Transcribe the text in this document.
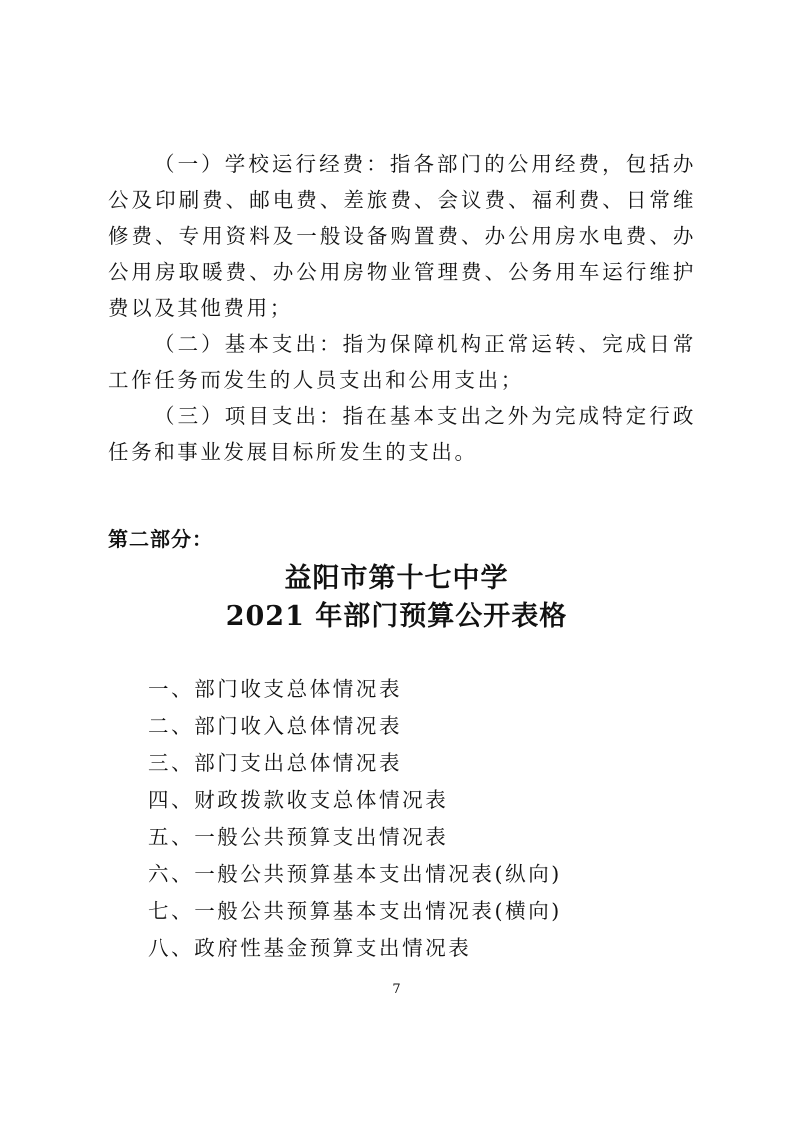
（一）学校运行经费：指各部门的公用经费，包括办公及印刷费、邮电费、差旅费、会议费、福利费、日常维修费、专用资料及一般设备购置费、办公用房水电费、办公用房取暖费、办公用房物业管理费、公务用车运行维护费以及其他费用；

（二）基本支出：指为保障机构正常运转、完成日常工作任务而发生的人员支出和公用支出；

（三）项目支出：指在基本支出之外为完成特定行政任务和事业发展目标所发生的支出。

第二部分：
益阳市第十七中学
2021 年部门预算公开表格
一、部门收支总体情况表
二、部门收入总体情况表
三、部门支出总体情况表
四、财政拨款收支总体情况表
五、一般公共预算支出情况表
六、一般公共预算基本支出情况表(纵向)
七、一般公共预算基本支出情况表(横向)
八、政府性基金预算支出情况表
7
